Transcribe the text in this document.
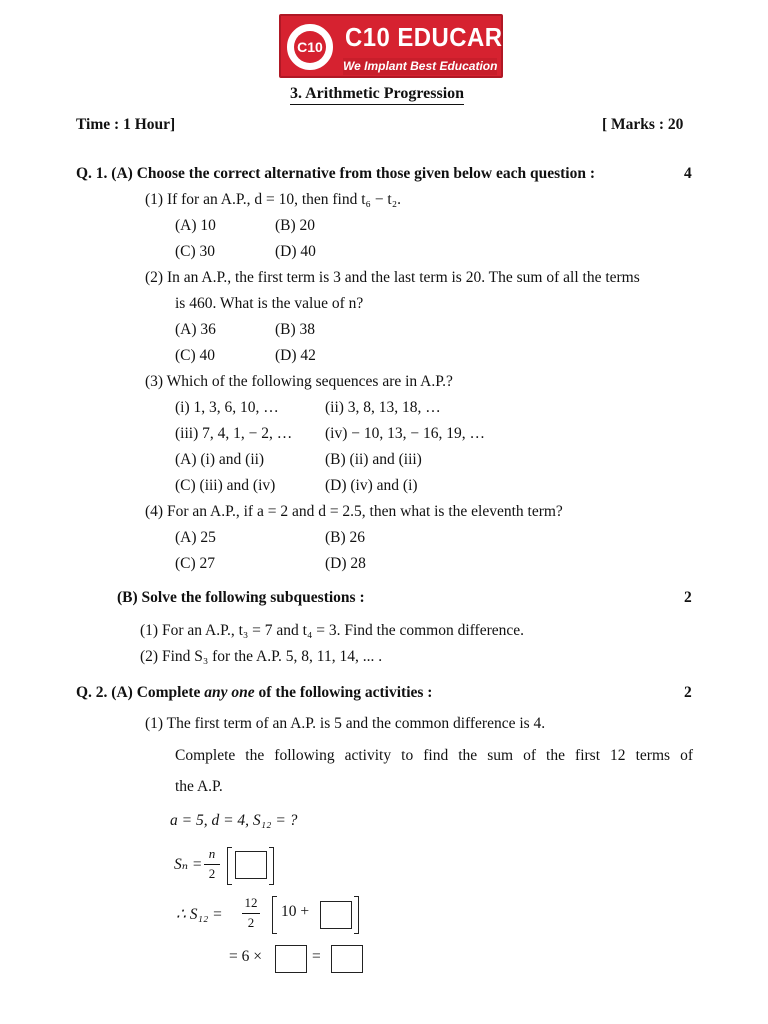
C10 C10 EDUCARE
We Implant Best Education
3. Arithmetic Progression
Time : 1 Hour]	[ Marks : 20
Q. 1. (A) Choose the correct alternative from those given below each question :	4
(1) If for an A.P., d = 10, then find t₆ − t₂.
(A) 10	(B) 20
(C) 30	(D) 40
(2) In an A.P., the first term is 3 and the last term is 20. The sum of all the terms
is 460. What is the value of n?
(A) 36	(B) 38
(C) 40	(D) 42
(3) Which of the following sequences are in A.P.?
(i) 1, 3, 6, 10, …	(ii) 3, 8, 13, 18, …
(iii) 7, 4, 1, − 2, … (iv) − 10, 13, − 16, 19, …
(A) (i) and (ii)	(B) (ii) and (iii)
(C) (iii) and (iv)	(D) (iv) and (i)
(4) For an A.P., if a = 2 and d = 2.5, then what is the eleventh term?
(A) 25	(B) 26
(C) 27	(D) 28
(B) Solve the following subquestions :	2
(1) For an A.P., t₃ = 7 and t₄ = 3. Find the common difference.
(2) Find S₃ for the A.P. 5, 8, 11, 14, ... .
Q. 2. (A) Complete any one of the following activities :	2
(1) The first term of an A.P. is 5 and the common difference is 4.
Complete the following activity to find the sum of the first 12 terms of
the A.P.
a = 5, d = 4, S₁₂ = ?
Sₙ =
n
2
∴ S₁₂ =
12
2
10 +
= 6 ×	=
